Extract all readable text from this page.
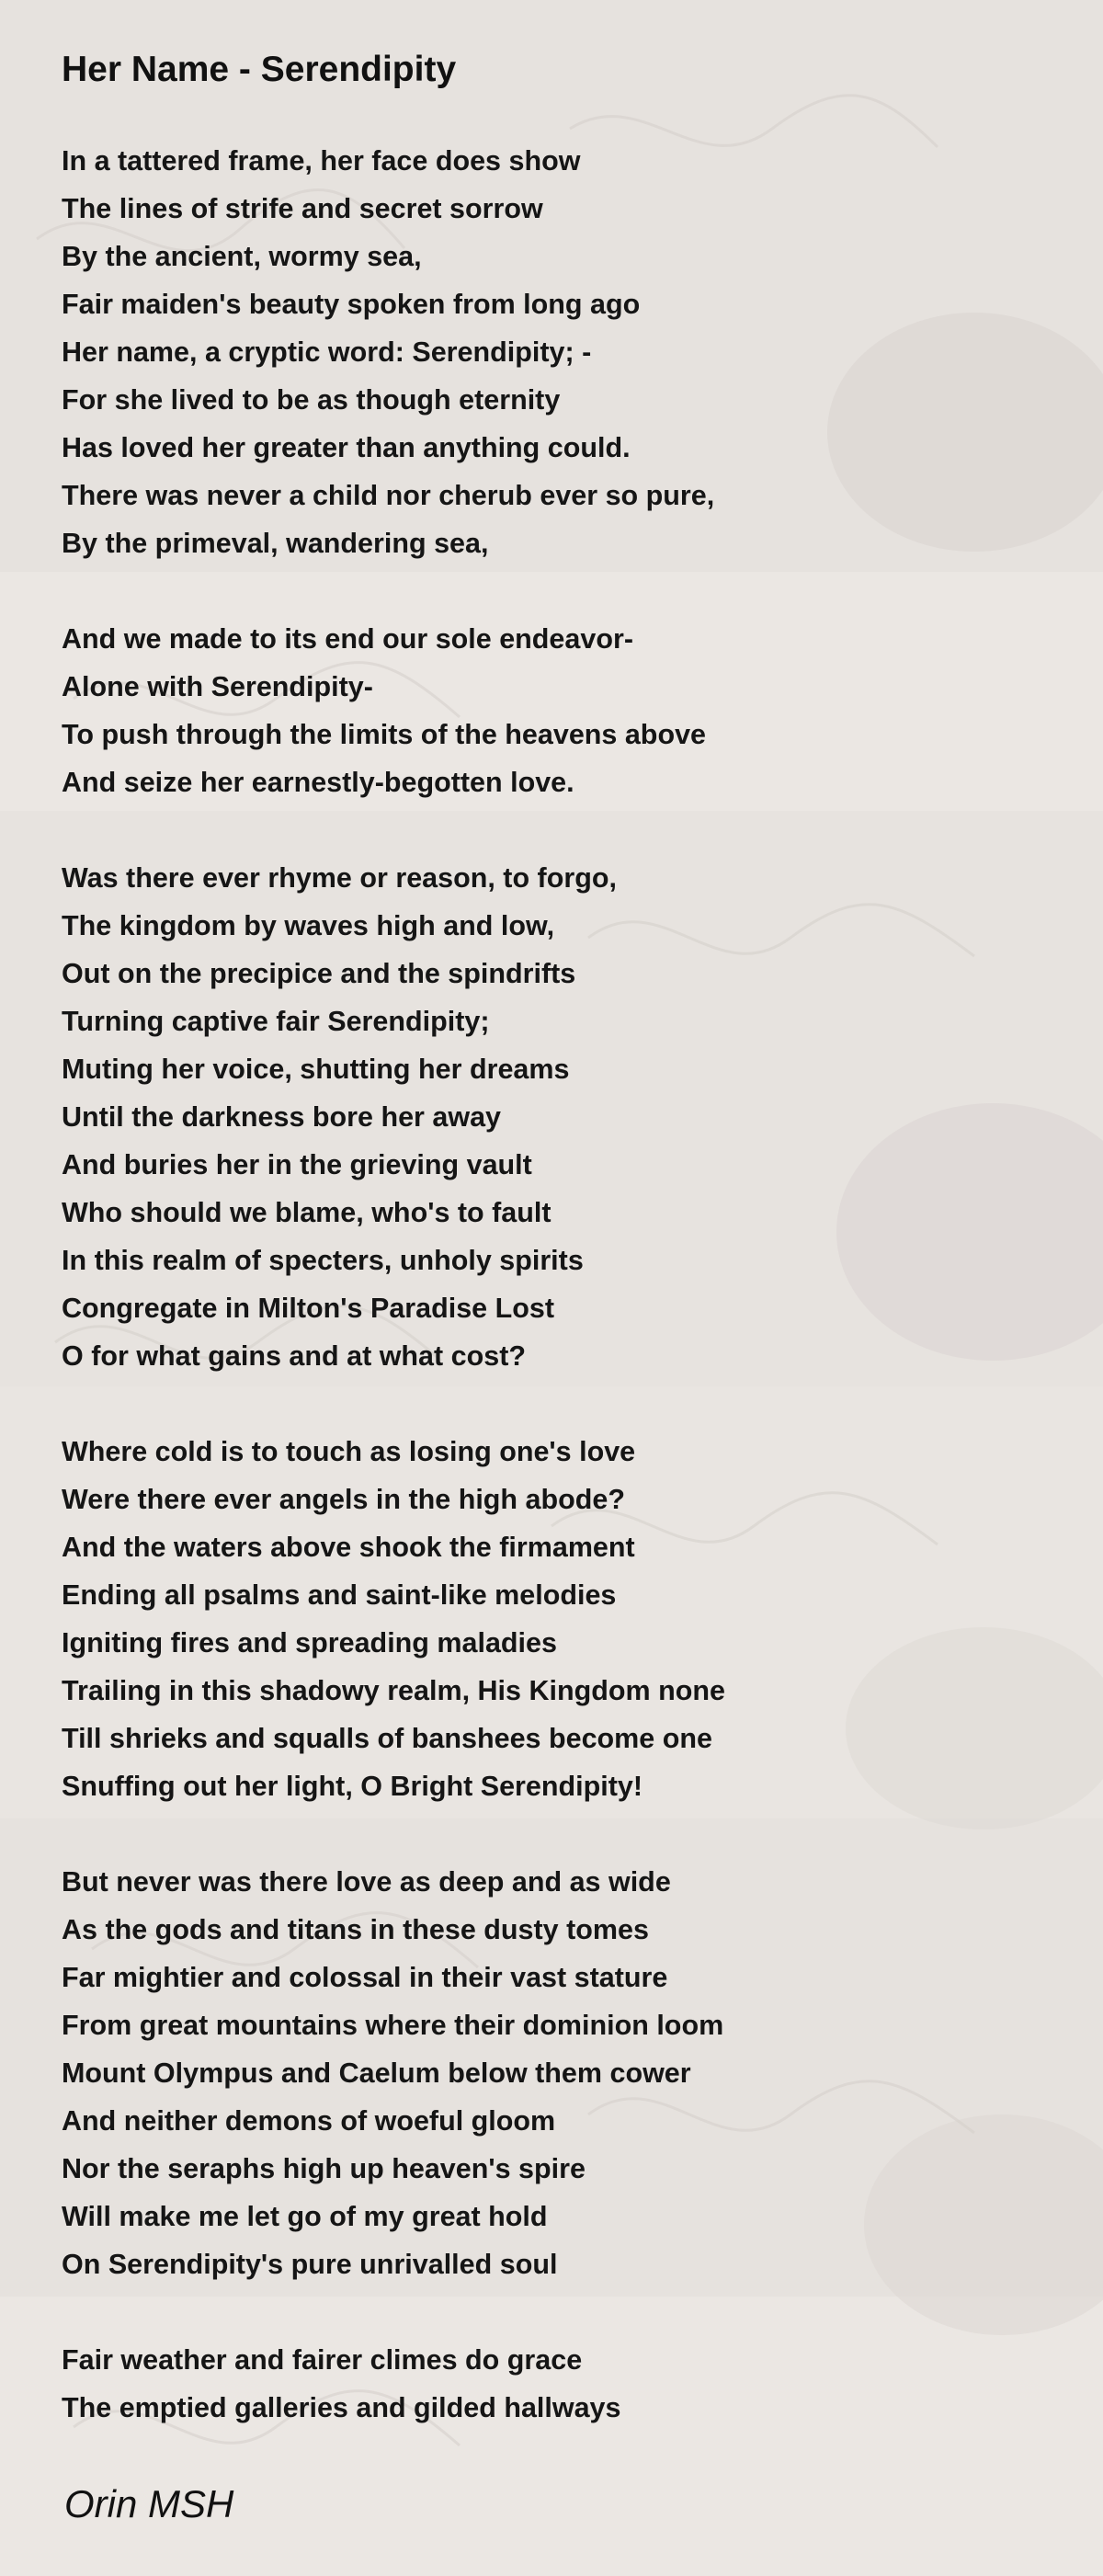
Her Name - Serendipity
In a tattered frame, her face does show
The lines of strife and secret sorrow
By the ancient, wormy sea,
Fair maiden's beauty spoken from long ago
Her name, a cryptic word: Serendipity; -
For she lived to be as though eternity
Has loved her greater than anything could.
There was never a child nor cherub ever so pure,
By the primeval, wandering sea,
And we made to its end our sole endeavor-
Alone with Serendipity-
To push through the limits of the heavens above
And seize her earnestly-begotten love.
Was there ever rhyme or reason, to forgo,
The kingdom by waves high and low,
Out on the precipice and the spindrifts
Turning captive fair Serendipity;
Muting her voice, shutting her dreams
Until the darkness bore her away
And buries her in the grieving vault
Who should we blame, who's to fault
In this realm of specters, unholy spirits
Congregate in Milton's Paradise Lost
O for what gains and at what cost?
Where cold is to touch as losing one's love
Were there ever angels in the high abode?
And the waters above shook the firmament
Ending all psalms and saint-like melodies
Igniting fires and spreading maladies
Trailing in this shadowy realm, His Kingdom none
Till shrieks and squalls of banshees become one
Snuffing out her light, O Bright Serendipity!
But never was there love as deep and as wide
As the gods and titans in these dusty tomes
Far mightier and colossal in their vast stature
From great mountains where their dominion loom
Mount Olympus and Caelum below them cower
And neither demons of woeful gloom
Nor the seraphs high up heaven's spire
Will make me let go of my great hold
On Serendipity's pure unrivalled soul
Fair weather and fairer climes do grace
The emptied galleries and gilded hallways
Orin MSH
